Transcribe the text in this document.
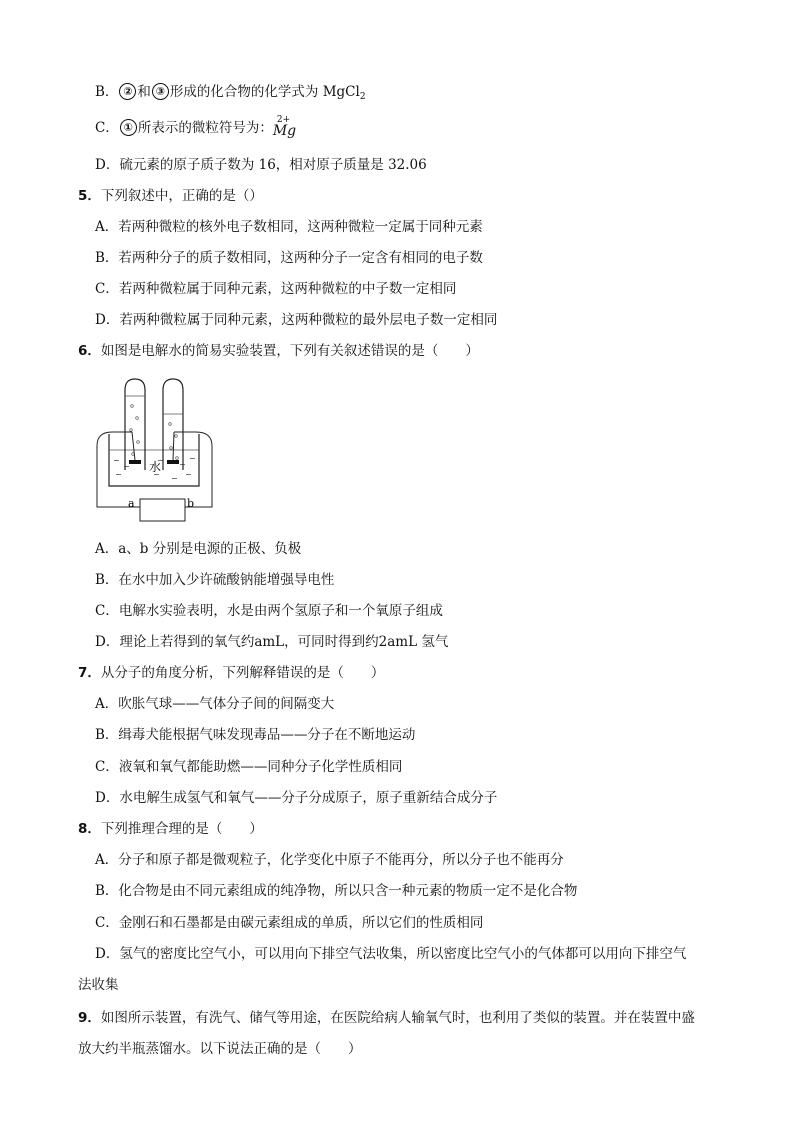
B． ② 和 ③ 形成的化合物的化学式为 MgCl$_2$
C． ① 所表示的微粒符号为：
2+
Mg
D．硫元素的原子质子数为 16，相对原子质量是 32.06
5．下列叙述中，正确的是（）
A．若两种微粒的核外电子数相同，这两种微粒一定属于同种元素
B．若两种分子的质子数相同，这两种分子一定含有相同的电子数
C．若两种微粒属于同种元素，这两种微粒的中子数一定相同
D．若两种微粒属于同种元素，这两种微粒的最外层电子数一定相同
6．如图是电解水的简易实验装置，下列有关叙述错误的是（　　）
a	b
水
A．a、b 分别是电源的正极、负极
B．在水中加入少许硫酸钠能增强导电性
C．电解水实验表明，水是由两个氢原子和一个氧原子组成
D．理论上若得到的氧气约amL，可同时得到约2amL 氢气
7．从分子的角度分析，下列解释错误的是（　　）
A．吹胀气球——气体分子间的间隔变大
B．缉毒犬能根据气味发现毒品——分子在不断地运动
C．液氧和氧气都能助燃——同种分子化学性质相同
D．水电解生成氢气和氧气——分子分成原子，原子重新结合成分子
8．下列推理合理的是（　　）
A．分子和原子都是微观粒子，化学变化中原子不能再分，所以分子也不能再分
B．化合物是由不同元素组成的纯净物，所以只含一种元素的物质一定不是化合物
C．金刚石和石墨都是由碳元素组成的单质，所以它们的性质相同
D．氢气的密度比空气小，可以用向下排空气法收集，所以密度比空气小的气体都可以用向下排空气
法收集
9．如图所示装置，有洗气、储气等用途，在医院给病人输氧气时，也利用了类似的装置。并在装置中盛
放大约半瓶蒸馏水。以下说法正确的是（　　）
